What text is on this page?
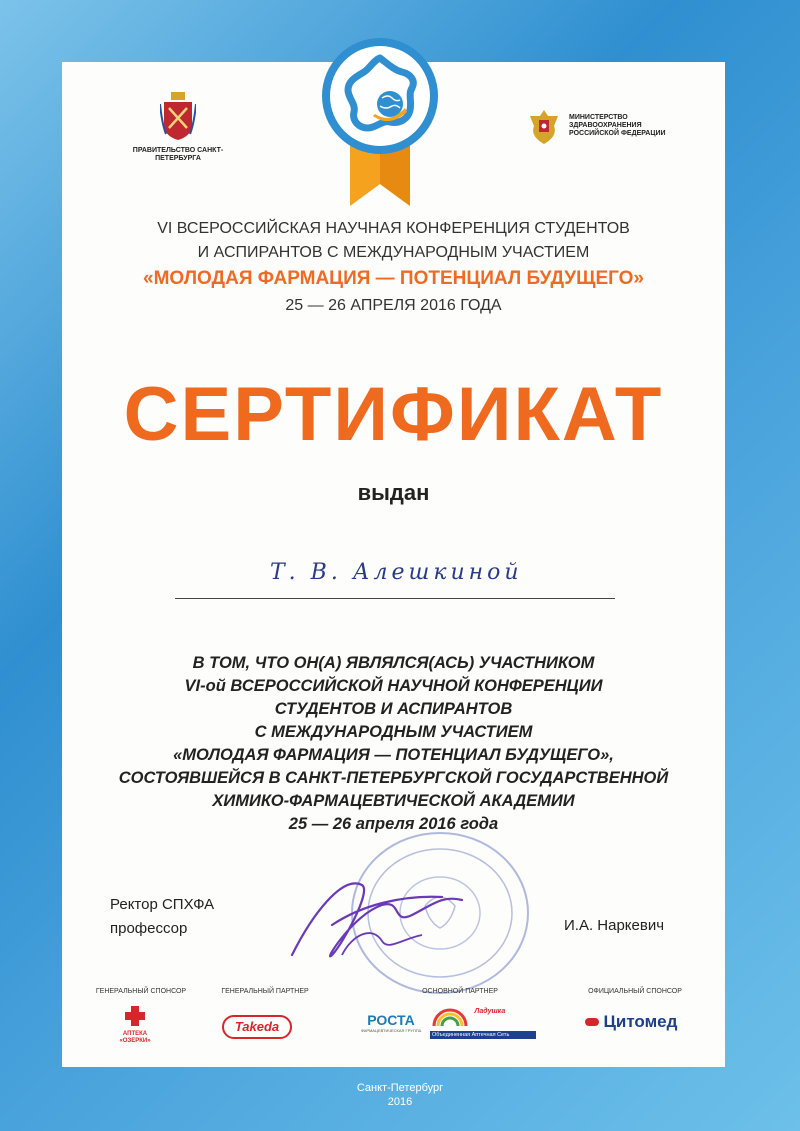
ПРАВИТЕЛЬСТВО САНКТ-ПЕТЕРБУРГА
МИНИСТЕРСТВО
ЗДРАВООХРАНЕНИЯ
РОССИЙСКОЙ ФЕДЕРАЦИИ
VI ВСЕРОССИЙСКАЯ НАУЧНАЯ КОНФЕРЕНЦИЯ СТУДЕНТОВ
И АСПИРАНТОВ С МЕЖДУНАРОДНЫМ УЧАСТИЕМ
«МОЛОДАЯ ФАРМАЦИЯ — ПОТЕНЦИАЛ БУДУЩЕГО»
25 — 26 АПРЕЛЯ 2016 ГОДА
СЕРТИФИКАТ
выдан
Т. В. Алешкиной
В ТОМ, ЧТО ОН(А) ЯВЛЯЛСЯ(АСЬ) УЧАСТНИКОМ
VI-ой ВСЕРОССИЙСКОЙ НАУЧНОЙ КОНФЕРЕНЦИИ
СТУДЕНТОВ И АСПИРАНТОВ
С МЕЖДУНАРОДНЫМ УЧАСТИЕМ
«МОЛОДАЯ ФАРМАЦИЯ — ПОТЕНЦИАЛ БУДУЩЕГО»,
СОСТОЯВШЕЙСЯ В САНКТ-ПЕТЕРБУРГСКОЙ ГОСУДАРСТВЕННОЙ
ХИМИКО-ФАРМАЦЕВТИЧЕСКОЙ АКАДЕМИИ
25 — 26 апреля 2016 года
Ректор СПХФА
профессор	И.А. Наркевич
ГЕНЕРАЛЬНЫЙ СПОНСОР	ГЕНЕРАЛЬНЫЙ ПАРТНЕР	ОСНОВНОЙ ПАРТНЕР	ОФИЦИАЛЬНЫЙ СПОНСОР
АПТЕКА «ОЗЕРКИ»
Takeda	РОСТА
ФАРМАЦЕВТИЧЕСКАЯ ГРУППА
$^{Ладушка}$
Объединенная Аптечная Сеть
Цитомед
Санкт-Петербург
2016
